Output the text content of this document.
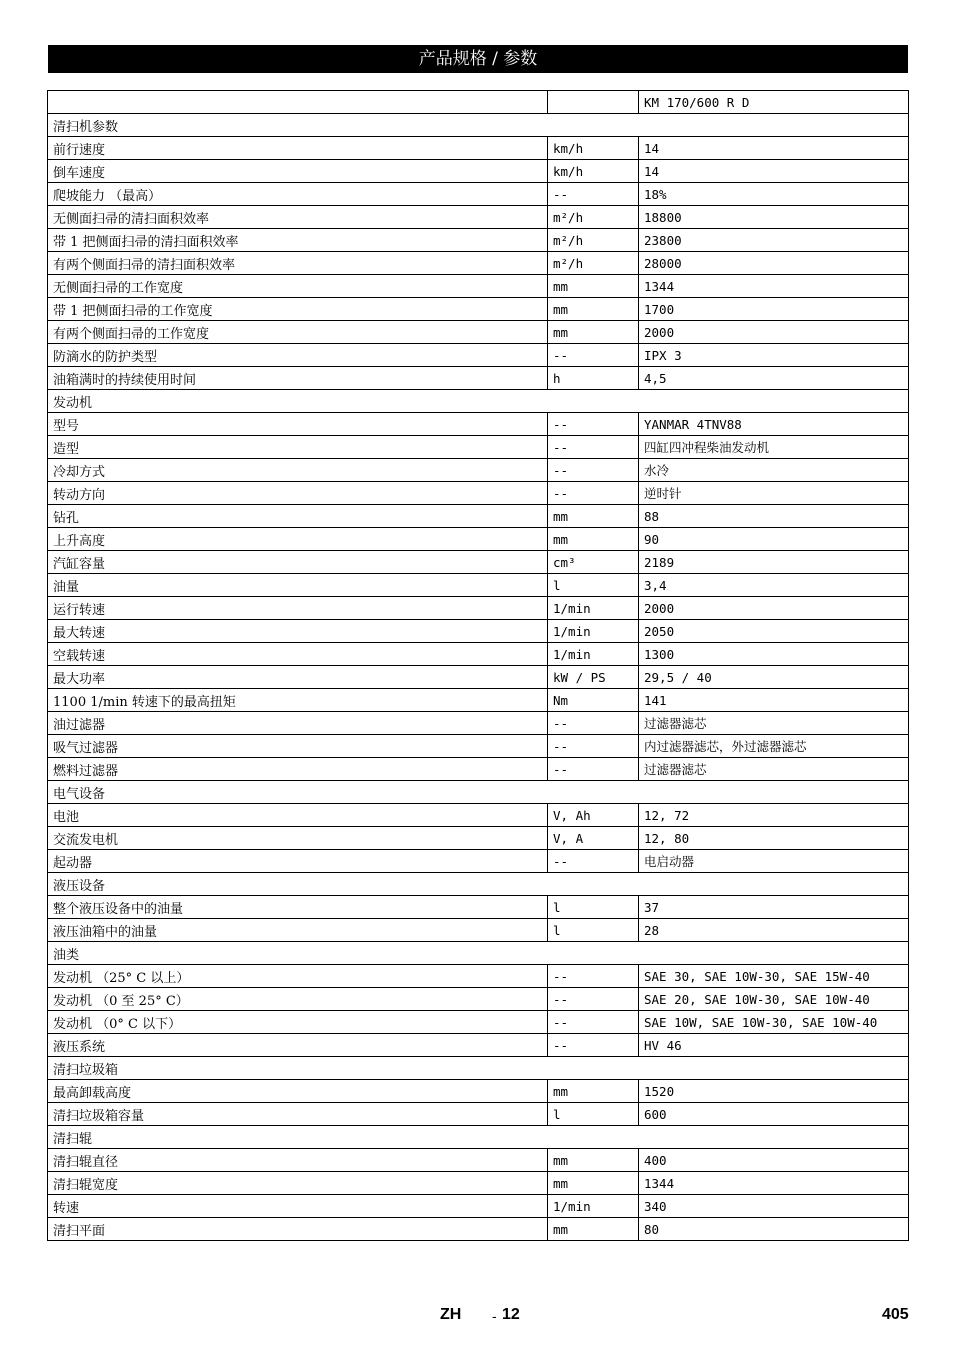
产品规格 / 参数
		KM 170/600 R D
清扫机参数		
前行速度	km/h	14
倒车速度	km/h	14
爬坡能力 （最高）	--	18%
无侧面扫帚的清扫面积效率	m²/h	18800
带 1 把侧面扫帚的清扫面积效率	m²/h	23800
有两个侧面扫帚的清扫面积效率	m²/h	28000
无侧面扫帚的工作宽度	mm	1344
带 1 把侧面扫帚的工作宽度	mm	1700
有两个侧面扫帚的工作宽度	mm	2000
防滴水的防护类型	--	IPX 3
油箱满时的持续使用时间	h	4,5
发动机		
型号	--	YANMAR 4TNV88
造型	--	四缸四冲程柴油发动机
冷却方式	--	水冷
转动方向	--	逆时针
钻孔	mm	88
上升高度	mm	90
汽缸容量	cm³	2189
油量	l	3,4
运行转速	1/min	2000
最大转速	1/min	2050
空载转速	1/min	1300
最大功率	kW / PS	29,5 / 40
1100 1/min 转速下的最高扭矩	Nm	141
油过滤器	--	过滤器滤芯
吸气过滤器	--	内过滤器滤芯，外过滤器滤芯
燃料过滤器	--	过滤器滤芯
电气设备		
电池	V, Ah	12, 72
交流发电机	V, A	12, 80
起动器	--	电启动器
液压设备		
整个液压设备中的油量	l	37
液压油箱中的油量	l	28
油类		
发动机 （25° C 以上）	--	SAE 30, SAE 10W-30, SAE 15W-40
发动机 （0 至 25° C）	--	SAE 20, SAE 10W-30, SAE 10W-40
发动机 （0° C 以下）	--	SAE 10W, SAE 10W-30, SAE 10W-40
液压系统	--	HV 46
清扫垃圾箱		
最高卸载高度	mm	1520
清扫垃圾箱容量	l	600
清扫辊		
清扫辊直径	mm	400
清扫辊宽度	mm	1344
转速	1/min	340
清扫平面	mm	80
ZH - 12	405
